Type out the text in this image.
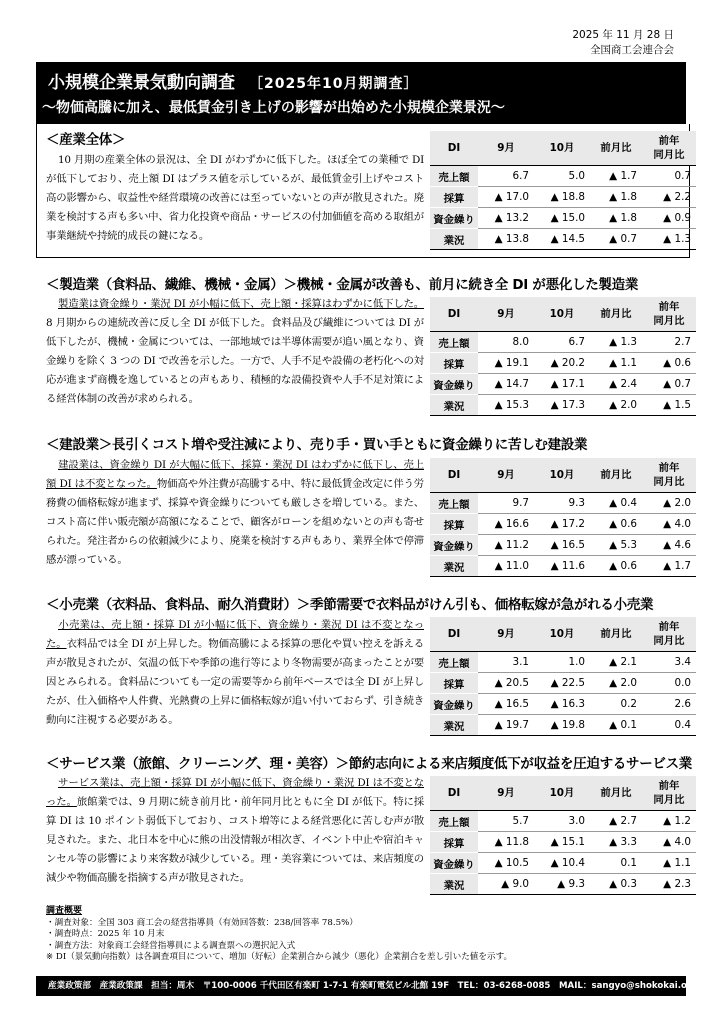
2025 年 11 月 28 日
全国商工会連合会
小規模企業景気動向調査 ［2025年10月期調査］
～物価高騰に加え、最低賃金引き上げの影響が出始めた小規模企業景況～
＜産業全体＞
10 月期の産業全体の景況は、全 DI がわずかに低下した。ほぼ全ての業種で DI が低下しており、売上額 DI はプラス値を示しているが、最低賃金引上げやコスト高の影響から、収益性や経営環境の改善には至っていないとの声が散見された。廃業を検討する声も多い中、省力化投資や商品・サービスの付加価値を高める取組が事業継続や持続的成長の鍵になる。
DI	9月	10月	前月比	前年
同月比
売上額	6.7	5.0	▲ 1.7	0.7
採算	▲ 17.0	▲ 18.8	▲ 1.8	▲ 2.2
資金繰り	▲ 13.2	▲ 15.0	▲ 1.8	▲ 0.9
業況	▲ 13.8	▲ 14.5	▲ 0.7	▲ 1.3
＜製造業（食料品、繊維、機械・金属）＞機械・金属が改善も、前月に続き全 DI が悪化した製造業
製造業は資金繰り・業況 DI が小幅に低下、売上額・採算はわずかに低下した。8 月期からの連続改善に反し全 DI が低下した。食料品及び繊維については DI が低下したが、機械・金属については、一部地域では半導体需要が追い風となり、資金繰りを除く 3 つの DI で改善を示した。一方で、人手不足や設備の老朽化への対応が進まず商機を逸しているとの声もあり、積極的な設備投資や人手不足対策による経営体制の改善が求められる。
DI	9月	10月	前月比	前年
同月比
売上額	8.0	6.7	▲ 1.3	2.7
採算	▲ 19.1	▲ 20.2	▲ 1.1	▲ 0.6
資金繰り	▲ 14.7	▲ 17.1	▲ 2.4	▲ 0.7
業況	▲ 15.3	▲ 17.3	▲ 2.0	▲ 1.5
＜建設業＞長引くコスト増や受注減により、売り手・買い手ともに資金繰りに苦しむ建設業
建設業は、資金繰り DI が大幅に低下、採算・業況 DI はわずかに低下し、売上額 DI は不変となった。物価高や外注費が高騰する中、特に最低賃金改定に伴う労務費の価格転嫁が進まず、採算や資金繰りについても厳しさを増している。また、コスト高に伴い販売額が高額になることで、顧客がローンを組めないとの声も寄せられた。発注者からの依頼減少により、廃業を検討する声もあり、業界全体で停滞感が漂っている。
DI	9月	10月	前月比	前年
同月比
売上額	9.7	9.3	▲ 0.4	▲ 2.0
採算	▲ 16.6	▲ 17.2	▲ 0.6	▲ 4.0
資金繰り	▲ 11.2	▲ 16.5	▲ 5.3	▲ 4.6
業況	▲ 11.0	▲ 11.6	▲ 0.6	▲ 1.7
＜小売業（衣料品、食料品、耐久消費財）＞季節需要で衣料品がけん引も、価格転嫁が急がれる小売業
小売業は、売上額・採算 DI が小幅に低下、資金繰り・業況 DI は不変となった。衣料品では全 DI が上昇した。物価高騰による採算の悪化や買い控えを訴える声が散見されたが、気温の低下や季節の進行等により冬物需要が高まったことが要因とみられる。食料品についても一定の需要等から前年ベースでは全 DI が上昇したが、仕入価格や人件費、光熱費の上昇に価格転嫁が追い付いておらず、引き続き動向に注視する必要がある。
DI	9月	10月	前月比	前年
同月比
売上額	3.1	1.0	▲ 2.1	3.4
採算	▲ 20.5	▲ 22.5	▲ 2.0	0.0
資金繰り	▲ 16.5	▲ 16.3	0.2	2.6
業況	▲ 19.7	▲ 19.8	▲ 0.1	0.4
＜サービス業（旅館、クリーニング、理・美容）＞節約志向による来店頻度低下が収益を圧迫するサービス業
サービス業は、売上額・採算 DI が小幅に低下、資金繰り・業況 DI は不変となった。旅館業では、9 月期に続き前月比・前年同月比ともに全 DI が低下。特に採算 DI は 10 ポイント弱低下しており、コスト増等による経営悪化に苦しむ声が散見された。また、北日本を中心に熊の出没情報が相次ぎ、イベント中止や宿泊キャンセル等の影響により来客数が減少している。理・美容業については、来店頻度の減少や物価高騰を指摘する声が散見された。
DI	9月	10月	前月比	前年
同月比
売上額	5.7	3.0	▲ 2.7	▲ 1.2
採算	▲ 11.8	▲ 15.1	▲ 3.3	▲ 4.0
資金繰り	▲ 10.5	▲ 10.4	0.1	▲ 1.1
業況	▲ 9.0	▲ 9.3	▲ 0.3	▲ 2.3
調査概要
・調査対象：全国 303 商工会の経営指導員（有効回答数：238/回答率 78.5%）
・調査時点：2025 年 10 月末
・調査方法：対象商工会経営指導員による調査票への選択記入式
※ DI（景気動向指数）は各調査項目について、増加（好転）企業割合から減少（悪化）企業割合を差し引いた値を示す。
産業政策部　産業政策課　担当：周木　〒100-0006 千代田区有楽町 1-7-1 有楽町電気ビル北館 19F　TEL：03-6268-0085　MAIL：sangyo@shokokai.or.jp
